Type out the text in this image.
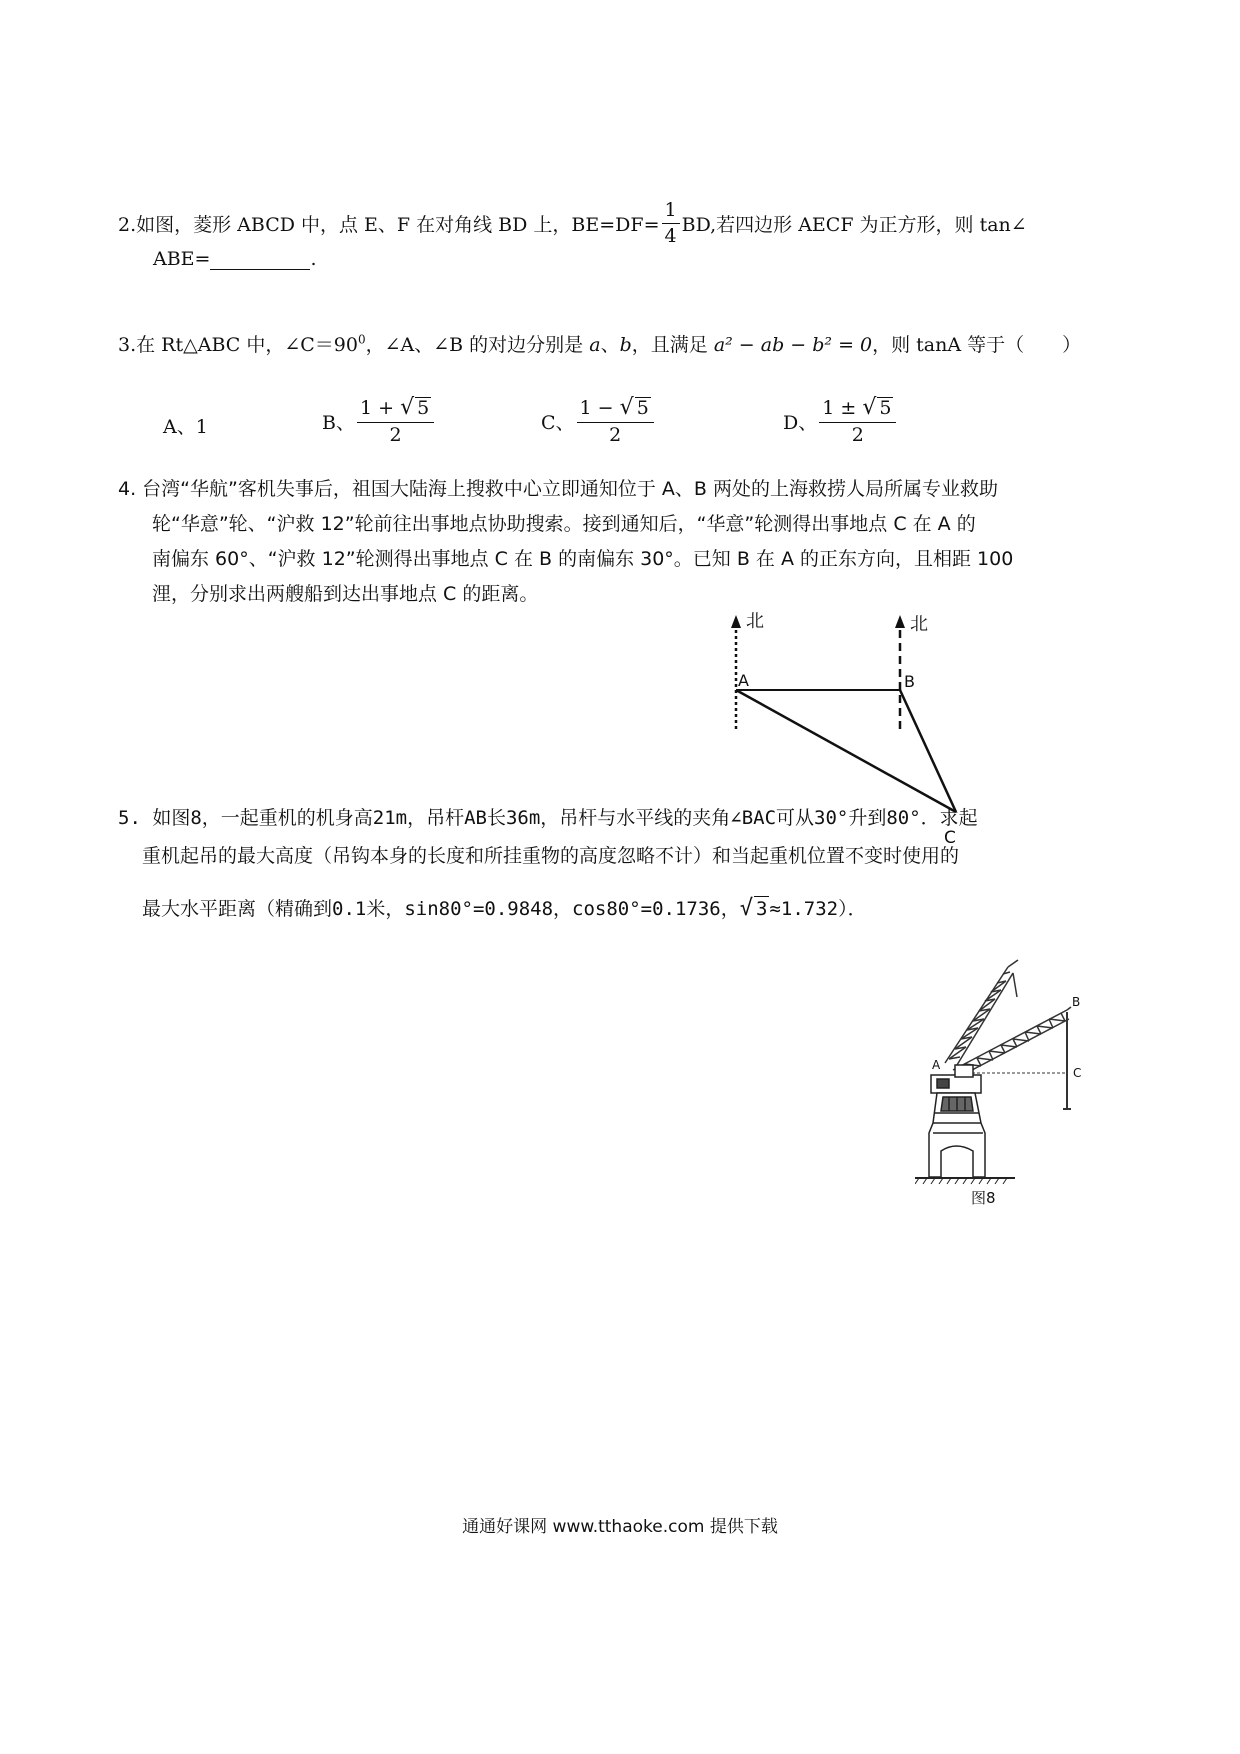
2.如图，菱形 ABCD 中，点 E、F 在对角线 BD 上，$BE=DF= \frac{1}{4}$ BD,若四边形 AECF 为正方形，则 tan∠
ABE=	.
3.在 Rt△ABC 中，$\angle C=90^0$，∠A、∠B 的对边分别是 a、b，且满足 a² − ab − b² = 0，则 tanA 等于（　　）
A、1	B、 $\frac{1 + √ 5}{2}$	C、 $\frac{1 - √ 5}{2}$	D、 $\frac{1 \pm √ 5}{2}$
4. 台湾“华航”客机失事后，祖国大陆海上搜救中心立即通知位于 A、B 两处的上海救捞人局所属专业救助
轮“华意”轮、“沪救 12”轮前往出事地点协助搜索。接到通知后，“华意”轮测得出事地点 C 在 A 的
南偏东 60°、“沪救 12”轮测得出事地点 C 在 B 的南偏东 30°。已知 B 在 A 的正东方向，且相距 100
浬，分别求出两艘船到达出事地点 C 的距离。
北	北
A	B
C
5. 如图8，一起重机的机身高21m，吊杆AB长36m，吊杆与水平线的夹角∠BAC可从30°升到80°．求起
重机起吊的最大高度（吊钩本身的长度和所挂重物的高度忽略不计）和当起重机位置不变时使用的
最大水平距离（精确到0.1米，sin80°=0.9848，cos80°=0.1736，√ 3 ≈1.732）．
A
B
C
图8
通通好课网 www.tthaoke.com 提供下载
